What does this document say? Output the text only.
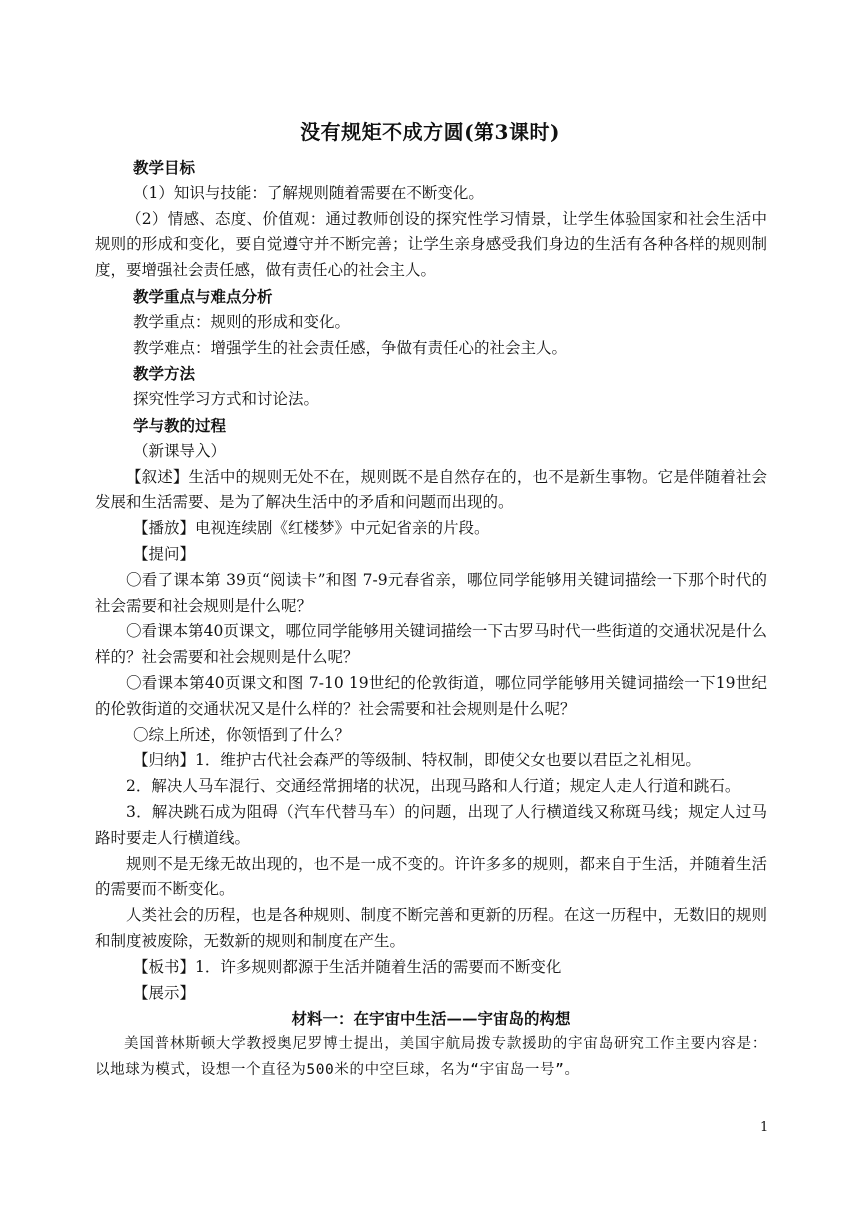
没有规矩不成方圆(第3课时)

教学目标

（1）知识与技能：了解规则随着需要在不断变化。

（2）情感、态度、价值观：通过教师创设的探究性学习情景，让学生体验国家和社会生活中规则的形成和变化，要自觉遵守并不断完善；让学生亲身感受我们身边的生活有各种各样的规则制度，要增强社会责任感，做有责任心的社会主人。

教学重点与难点分析

教学重点：规则的形成和变化。

教学难点：增强学生的社会责任感，争做有责任心的社会主人。

教学方法

探究性学习方式和讨论法。

学与教的过程

（新课导入）

【叙述】生活中的规则无处不在，规则既不是自然存在的，也不是新生事物。它是伴随着社会发展和生活需要、是为了解决生活中的矛盾和问题而出现的。

【播放】电视连续剧《红楼梦》中元妃省亲的片段。

【提问】

〇看了课本第 39页“阅读卡”和图 7-9元春省亲，哪位同学能够用关键词描绘一下那个时代的社会需要和社会规则是什么呢？

〇看课本第40页课文，哪位同学能够用关键词描绘一下古罗马时代一些街道的交通状况是什么样的？社会需要和社会规则是什么呢？

〇看课本第40页课文和图 7-10 19世纪的伦敦街道，哪位同学能够用关键词描绘一下19世纪的伦敦街道的交通状况又是什么样的？社会需要和社会规则是什么呢？

〇综上所述，你领悟到了什么？

【归纳】1．维护古代社会森严的等级制、特权制，即使父女也要以君臣之礼相见。

2．解决人马车混行、交通经常拥堵的状况，出现马路和人行道；规定人走人行道和跳石。

3．解决跳石成为阻碍（汽车代替马车）的问题，出现了人行横道线又称斑马线；规定人过马路时要走人行横道线。

规则不是无缘无故出现的，也不是一成不变的。许许多多的规则，都来自于生活，并随着生活的需要而不断变化。

人类社会的历程，也是各种规则、制度不断完善和更新的历程。在这一历程中，无数旧的规则和制度被废除，无数新的规则和制度在产生。

【板书】1．许多规则都源于生活并随着生活的需要而不断变化

【展示】

材料一：在宇宙中生活——宇宙岛的构想

美国普林斯顿大学教授奥尼罗博士提出，美国宇航局拨专款援助的宇宙岛研究工作主要内容是：以地球为模式，设想一个直径为500米的中空巨球，名为“宇宙岛一号”。

1
